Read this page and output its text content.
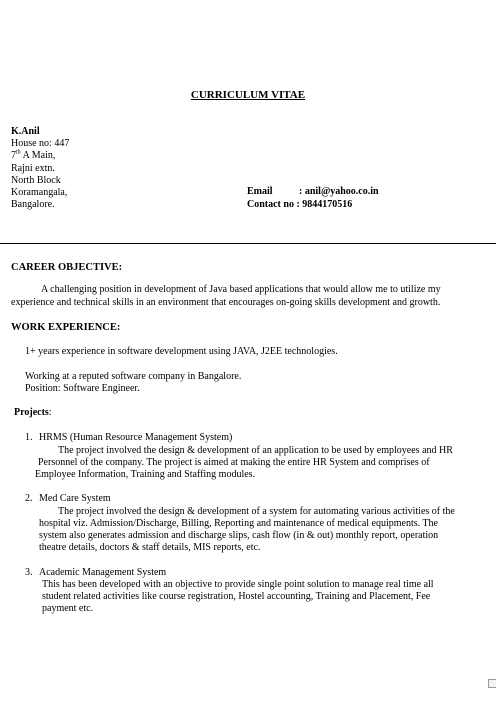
CURRICULUM VITAE
K.Anil
House no: 447
7th A Main,
Rajni extn.
North Block
Koramangala,
Bangalore.
Email	: anil@yahoo.co.in
Contact no : 9844170516
CAREER OBJECTIVE:
A challenging position in development of Java based applications that would allow me to utilize my
experience and technical skills in an environment that encourages on-going skills development and growth.
WORK EXPERIENCE:
1+ years experience in software development using JAVA, J2EE technologies.
Working at a reputed software company in Bangalore.
Position: Software Engineer.
Projects:
1. HRMS (Human Resource Management System)
The project involved the design & development of an application to be used by employees and HR
Personnel of the company. The project is aimed at making the entire HR System and comprises of
Employee Information, Training and Staffing modules.
2. Med Care System
The project involved the design & development of a system for automating various activities of the
hospital viz. Admission/Discharge, Billing, Reporting and maintenance of medical equipments. The
system also generates admission and discharge slips, cash flow (in & out) monthly report, operation
theatre details, doctors & staff details, MIS reports, etc.
3. Academic Management System
This has been developed with an objective to provide single point solution to manage real time all
student related activities like course registration, Hostel accounting, Training and Placement, Fee
payment etc.
